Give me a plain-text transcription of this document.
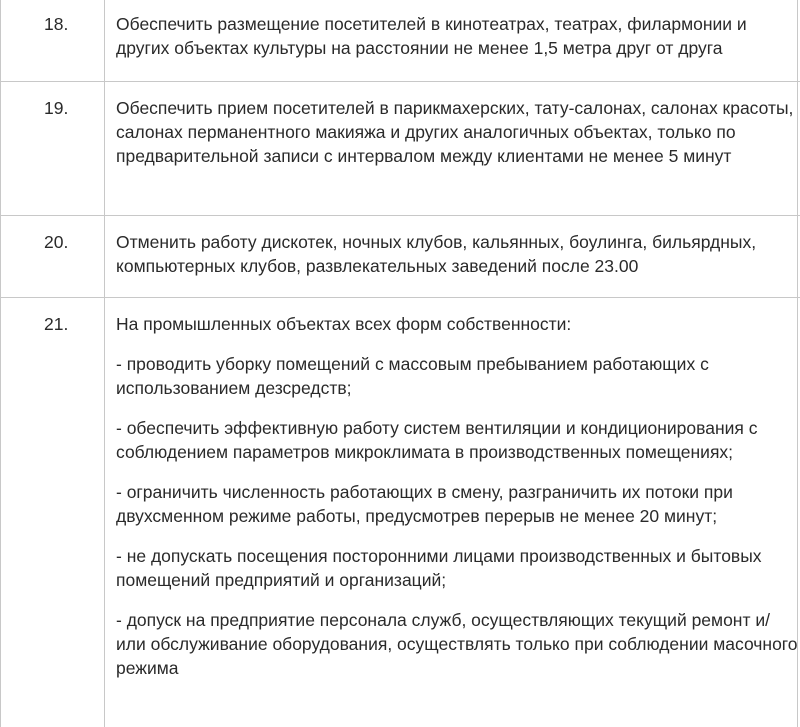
18.	Обеспечить размещение посетителей в кинотеатрах, театрах, филармонии и других объектах культуры на расстоянии не менее 1,5 метра друг от друга

19.	Обеспечить прием посетителей в парикмахерских, тату-салонах, салонах красоты, салонах перманентного макияжа и других аналогичных объектах, только по предварительной записи с интервалом между клиентами не менее 5 минут

20.	Отменить работу дискотек, ночных клубов, кальянных, боулинга, бильярдных, компьютерных клубов, развлекательных заведений после 23.00

21.	На промышленных объектах всех форм собственности:

- проводить уборку помещений с массовым пребыванием работающих с использованием дезсредств;

- обеспечить эффективную работу систем вентиляции и кондиционирования с соблюдением параметров микроклимата в производственных помещениях;

- ограничить численность работающих в смену, разграничить их потоки при двухсменном режиме работы, предусмотрев перерыв не менее 20 минут;

- не допускать посещения посторонними лицами производственных и бытовых помещений предприятий и организаций;

- допуск на предприятие персонала служб, осуществляющих текущий ремонт и/или обслуживание оборудования, осуществлять только при соблюдении масочного режима
